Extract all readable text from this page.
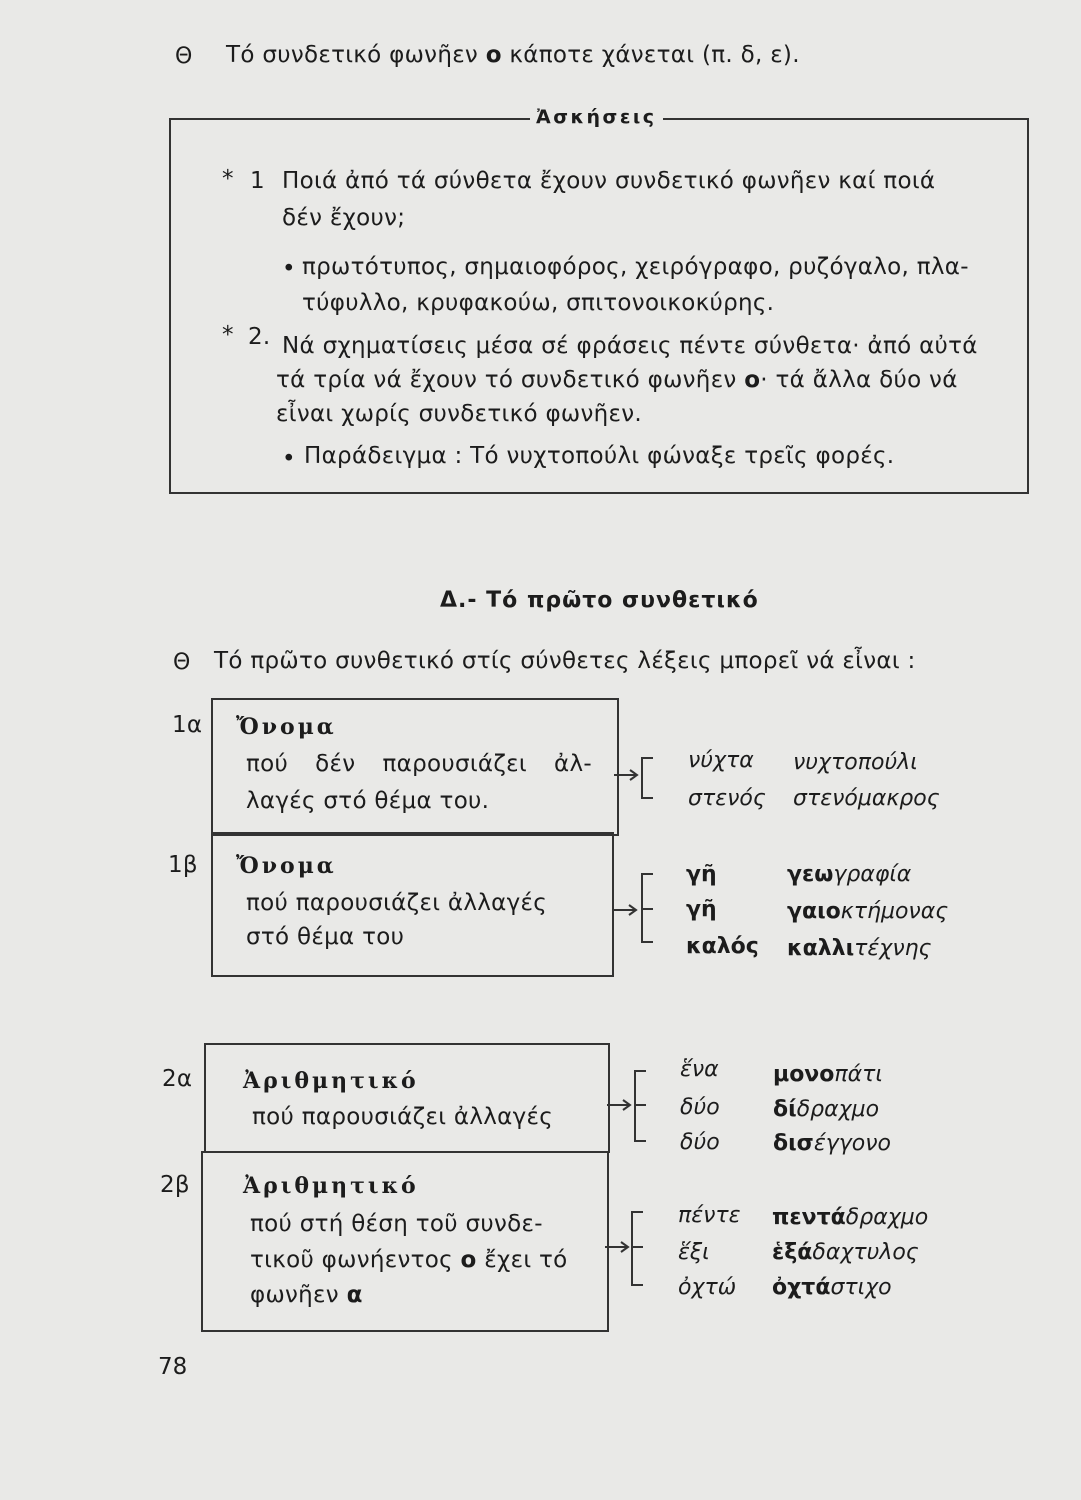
Θ Τό συνδετικό φωνῆεν ο κάποτε χάνεται (π. δ, ε).
Ἀσκήσεις
* 1 Ποιά ἀπό τά σύνθετα ἔχουν συνδετικό φωνῆεν καί ποιά
δέν ἔχουν;
• πρωτότυπος, σημαιοφόρος, χειρόγραφο, ρυζόγαλο, πλα-
τύφυλλο, κρυφακούω, σπιτονοικοκύρης.
* 2. Νά σχηματίσεις μέσα σέ φράσεις πέντε σύνθετα· ἀπό αὐτά
τά τρία νά ἔχουν τό συνδετικό φωνῆεν ο· τά ἄλλα δύο νά
εἶναι χωρίς συνδετικό φωνῆεν.
• Παράδειγμα : Τό νυχτοπούλι φώναξε τρεῖς φορές.
Δ.- Τό πρῶτο συνθετικό
Θ Τό πρῶτο συνθετικό στίς σύνθετες λέξεις μπορεῖ νά εἶναι :
1α Ὄνομα
πού δέν παρουσιάζει ἀλ-
λαγές στό θέμα του.
νύχτα νυχτοπούλι
στενός στενόμακρος
1β Ὄνομα
πού παρουσιάζει ἀλλαγές
στό θέμα του
γῆ	γεωγραφία
γῆ	γαιοκτήμονας
καλός καλλιτέχνης
2α Ἀριθμητικό
πού παρουσιάζει ἀλλαγές
ἕνα μονοπάτι
δύο δίδραχμο
δύο δισέγγονο
2β Ἀριθμητικό
πού στή θέση τοῦ συνδε-
τικοῦ φωνήεντος ο ἔχει τό
φωνῆεν α
πέντε πεντάδραχμο
ἕξι	ἑξάδαχτυλος
ὀχτώ ὀχτάστιχο
78
